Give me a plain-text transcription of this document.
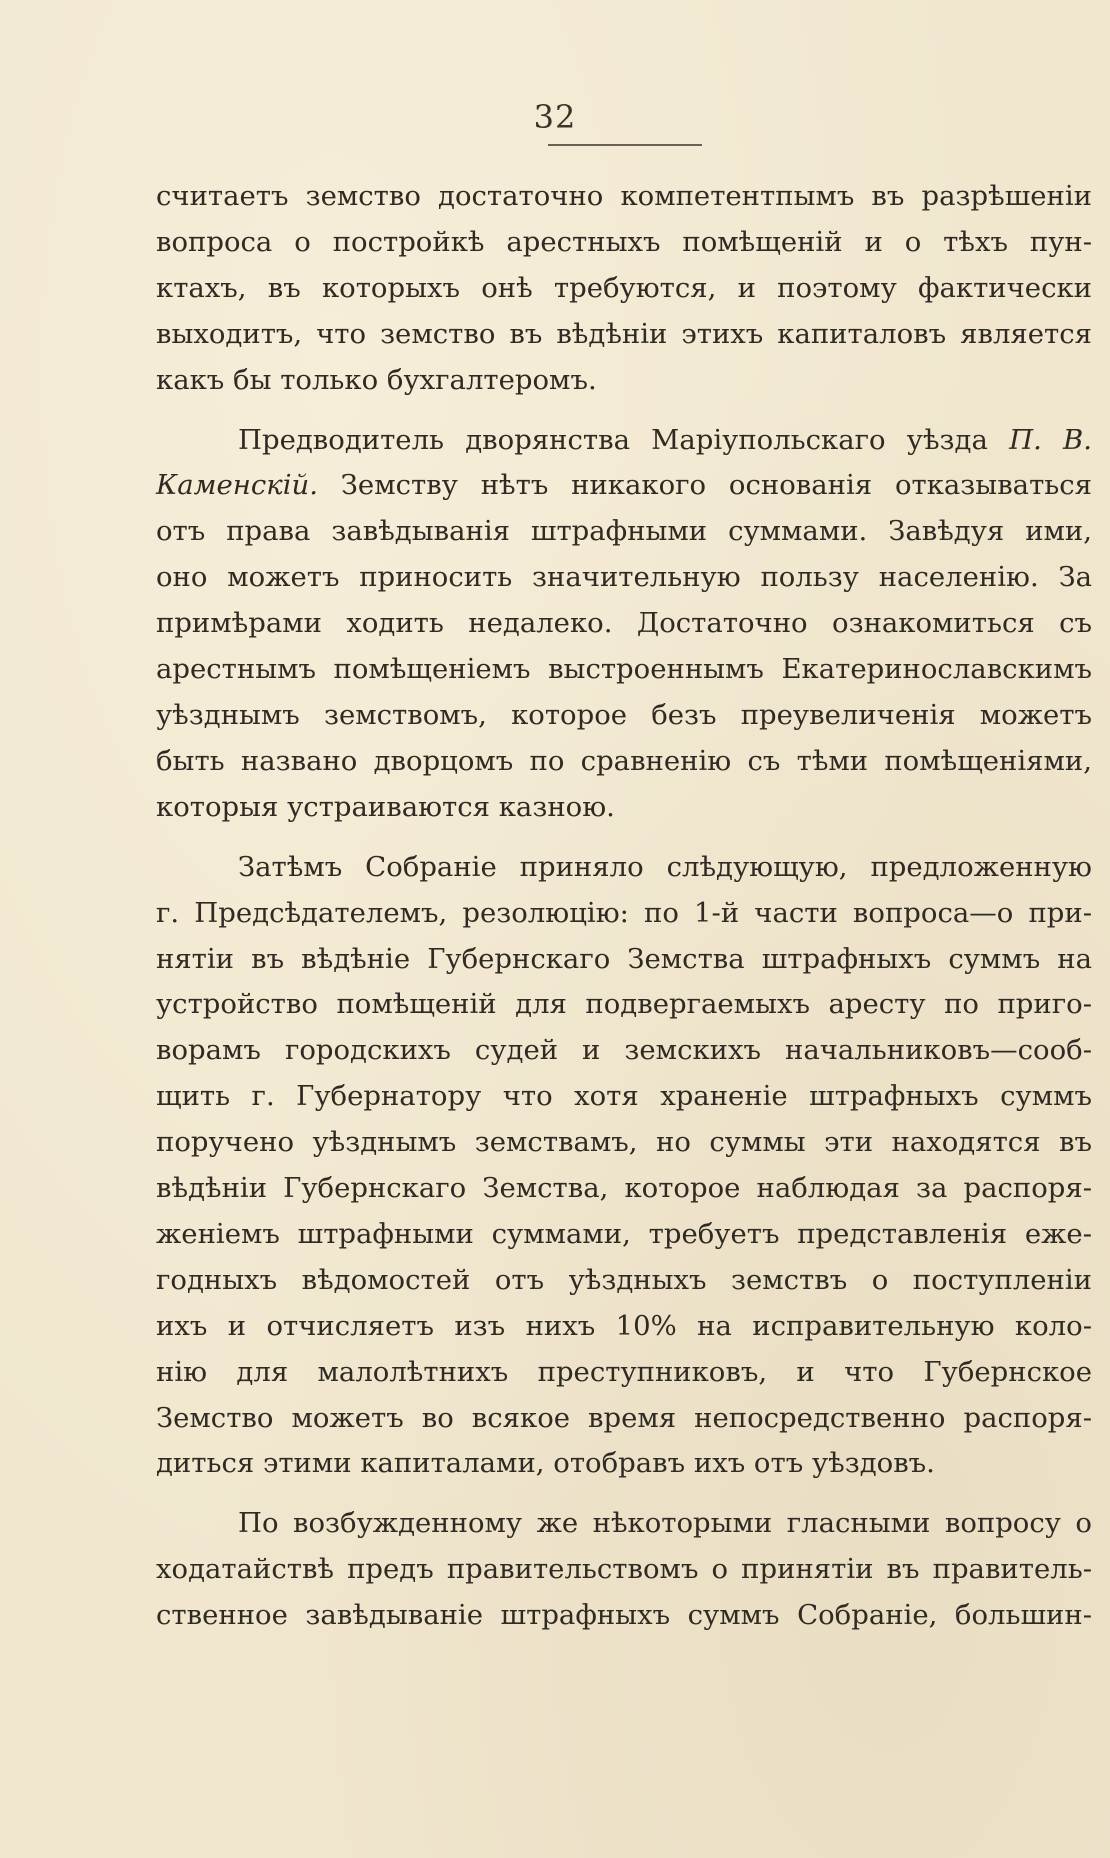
32

считаетъ земство достаточно компетентпымъ въ разрѣшеніи
вопроса о постройкѣ арестныхъ помѣщеній и о тѣхъ пун-
ктахъ, въ которыхъ онѣ требуются, и поэтому фактически
выходитъ, что земство въ вѣдѣніи этихъ капиталовъ является
какъ бы только бухгалтеромъ.

Предводитель дворянства Маріупольскаго уѣзда П. В.
Каменскій. Земству нѣтъ никакого основанія отказываться
отъ права завѣдыванія штрафными суммами. Завѣдуя ими,
оно можетъ приносить значительную пользу населенію. За
примѣрами ходить недалеко. Достаточно ознакомиться съ
арестнымъ помѣщеніемъ выстроеннымъ Екатеринославскимъ
уѣзднымъ земствомъ, которое безъ преувеличенія можетъ
быть названо дворцомъ по сравненію съ тѣми помѣщеніями,
которыя устраиваются казною.

Затѣмъ Собраніе приняло слѣдующую, предложенную
г. Предсѣдателемъ, резолюцію: по 1-й части вопроса—о при-
нятіи въ вѣдѣніе Губернскаго Земства штрафныхъ суммъ на
устройство помѣщеній для подвергаемыхъ аресту по приго-
ворамъ городскихъ судей и земскихъ начальниковъ—сооб-
щить г. Губернатору что хотя храненіе штрафныхъ суммъ
поручено уѣзднымъ земствамъ, но суммы эти находятся въ
вѣдѣніи Губернскаго Земства, которое наблюдая за распоря-
женіемъ штрафными суммами, требуетъ представленія еже-
годныхъ вѣдомостей отъ уѣздныхъ земствъ о поступленіи
ихъ и отчисляетъ изъ нихъ 10% на исправительную коло-
нію для малолѣтнихъ преступниковъ, и что Губернское
Земство можетъ во всякое время непосредственно распоря-
диться этими капиталами, отобравъ ихъ отъ уѣздовъ.

По возбужденному же нѣкоторыми гласными вопросу о
ходатайствѣ предъ правительствомъ о принятіи въ правитель-
ственное завѣдываніе штрафныхъ суммъ Собраніе, большин-
